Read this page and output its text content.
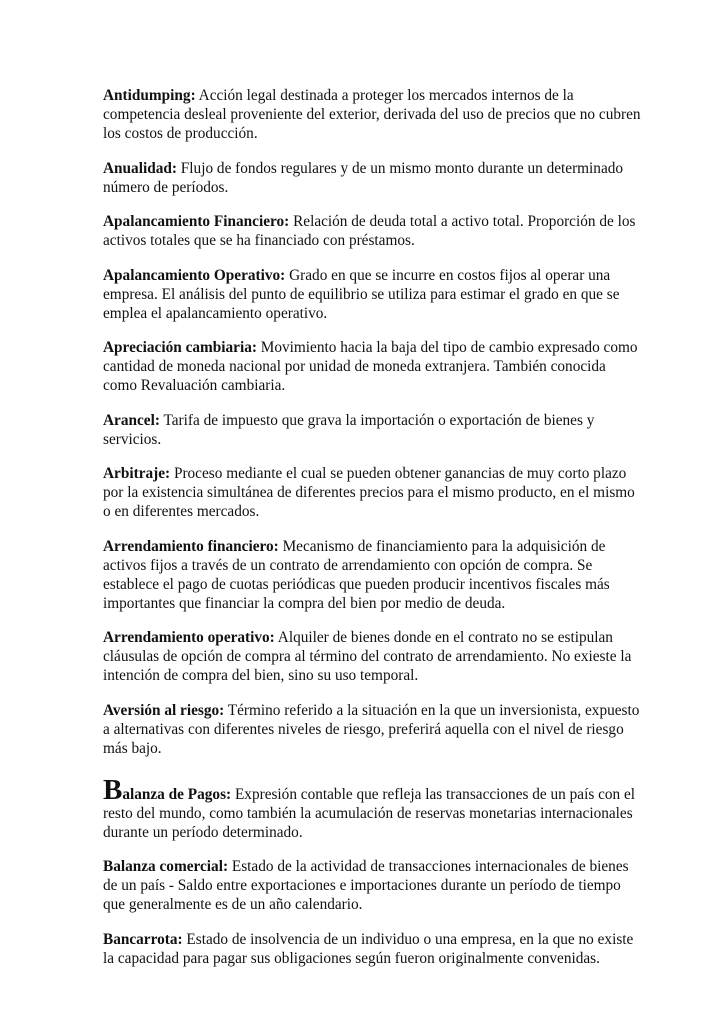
Antidumping: Acción legal destinada a proteger los mercados internos de la competencia desleal proveniente del exterior, derivada del uso de precios que no cubren los costos de producción.

Anualidad: Flujo de fondos regulares y de un mismo monto durante un determinado número de períodos.

Apalancamiento Financiero: Relación de deuda total a activo total. Proporción de los activos totales que se ha financiado con préstamos.

Apalancamiento Operativo: Grado en que se incurre en costos fijos al operar una empresa. El análisis del punto de equilibrio se utiliza para estimar el grado en que se emplea el apalancamiento operativo.

Apreciación cambiaria: Movimiento hacia la baja del tipo de cambio expresado como cantidad de moneda nacional por unidad de moneda extranjera. También conocida como Revaluación cambiaria.

Arancel: Tarifa de impuesto que grava la importación o exportación de bienes y servicios.

Arbitraje: Proceso mediante el cual se pueden obtener ganancias de muy corto plazo por la existencia simultánea de diferentes precios para el mismo producto, en el mismo o en diferentes mercados.

Arrendamiento financiero: Mecanismo de financiamiento para la adquisición de activos fijos a través de un contrato de arrendamiento con opción de compra. Se establece el pago de cuotas periódicas que pueden producir incentivos fiscales más importantes que financiar la compra del bien por medio de deuda.

Arrendamiento operativo: Alquiler de bienes donde en el contrato no se estipulan cláusulas de opción de compra al término del contrato de arrendamiento. No exieste la intención de compra del bien, sino su uso temporal.

Aversión al riesgo: Término referido a la situación en la que un inversionista, expuesto a alternativas con diferentes niveles de riesgo, preferirá aquella con el nivel de riesgo más bajo.

Balanza de Pagos: Expresión contable que refleja las transacciones de un país con el resto del mundo, como también la acumulación de reservas monetarias internacionales durante un período determinado.

Balanza comercial: Estado de la actividad de transacciones internacionales de bienes de un país - Saldo entre exportaciones e importaciones durante un período de tiempo que generalmente es de un año calendario.

Bancarrota: Estado de insolvencia de un individuo o una empresa, en la que no existe la capacidad para pagar sus obligaciones según fueron originalmente convenidas.
